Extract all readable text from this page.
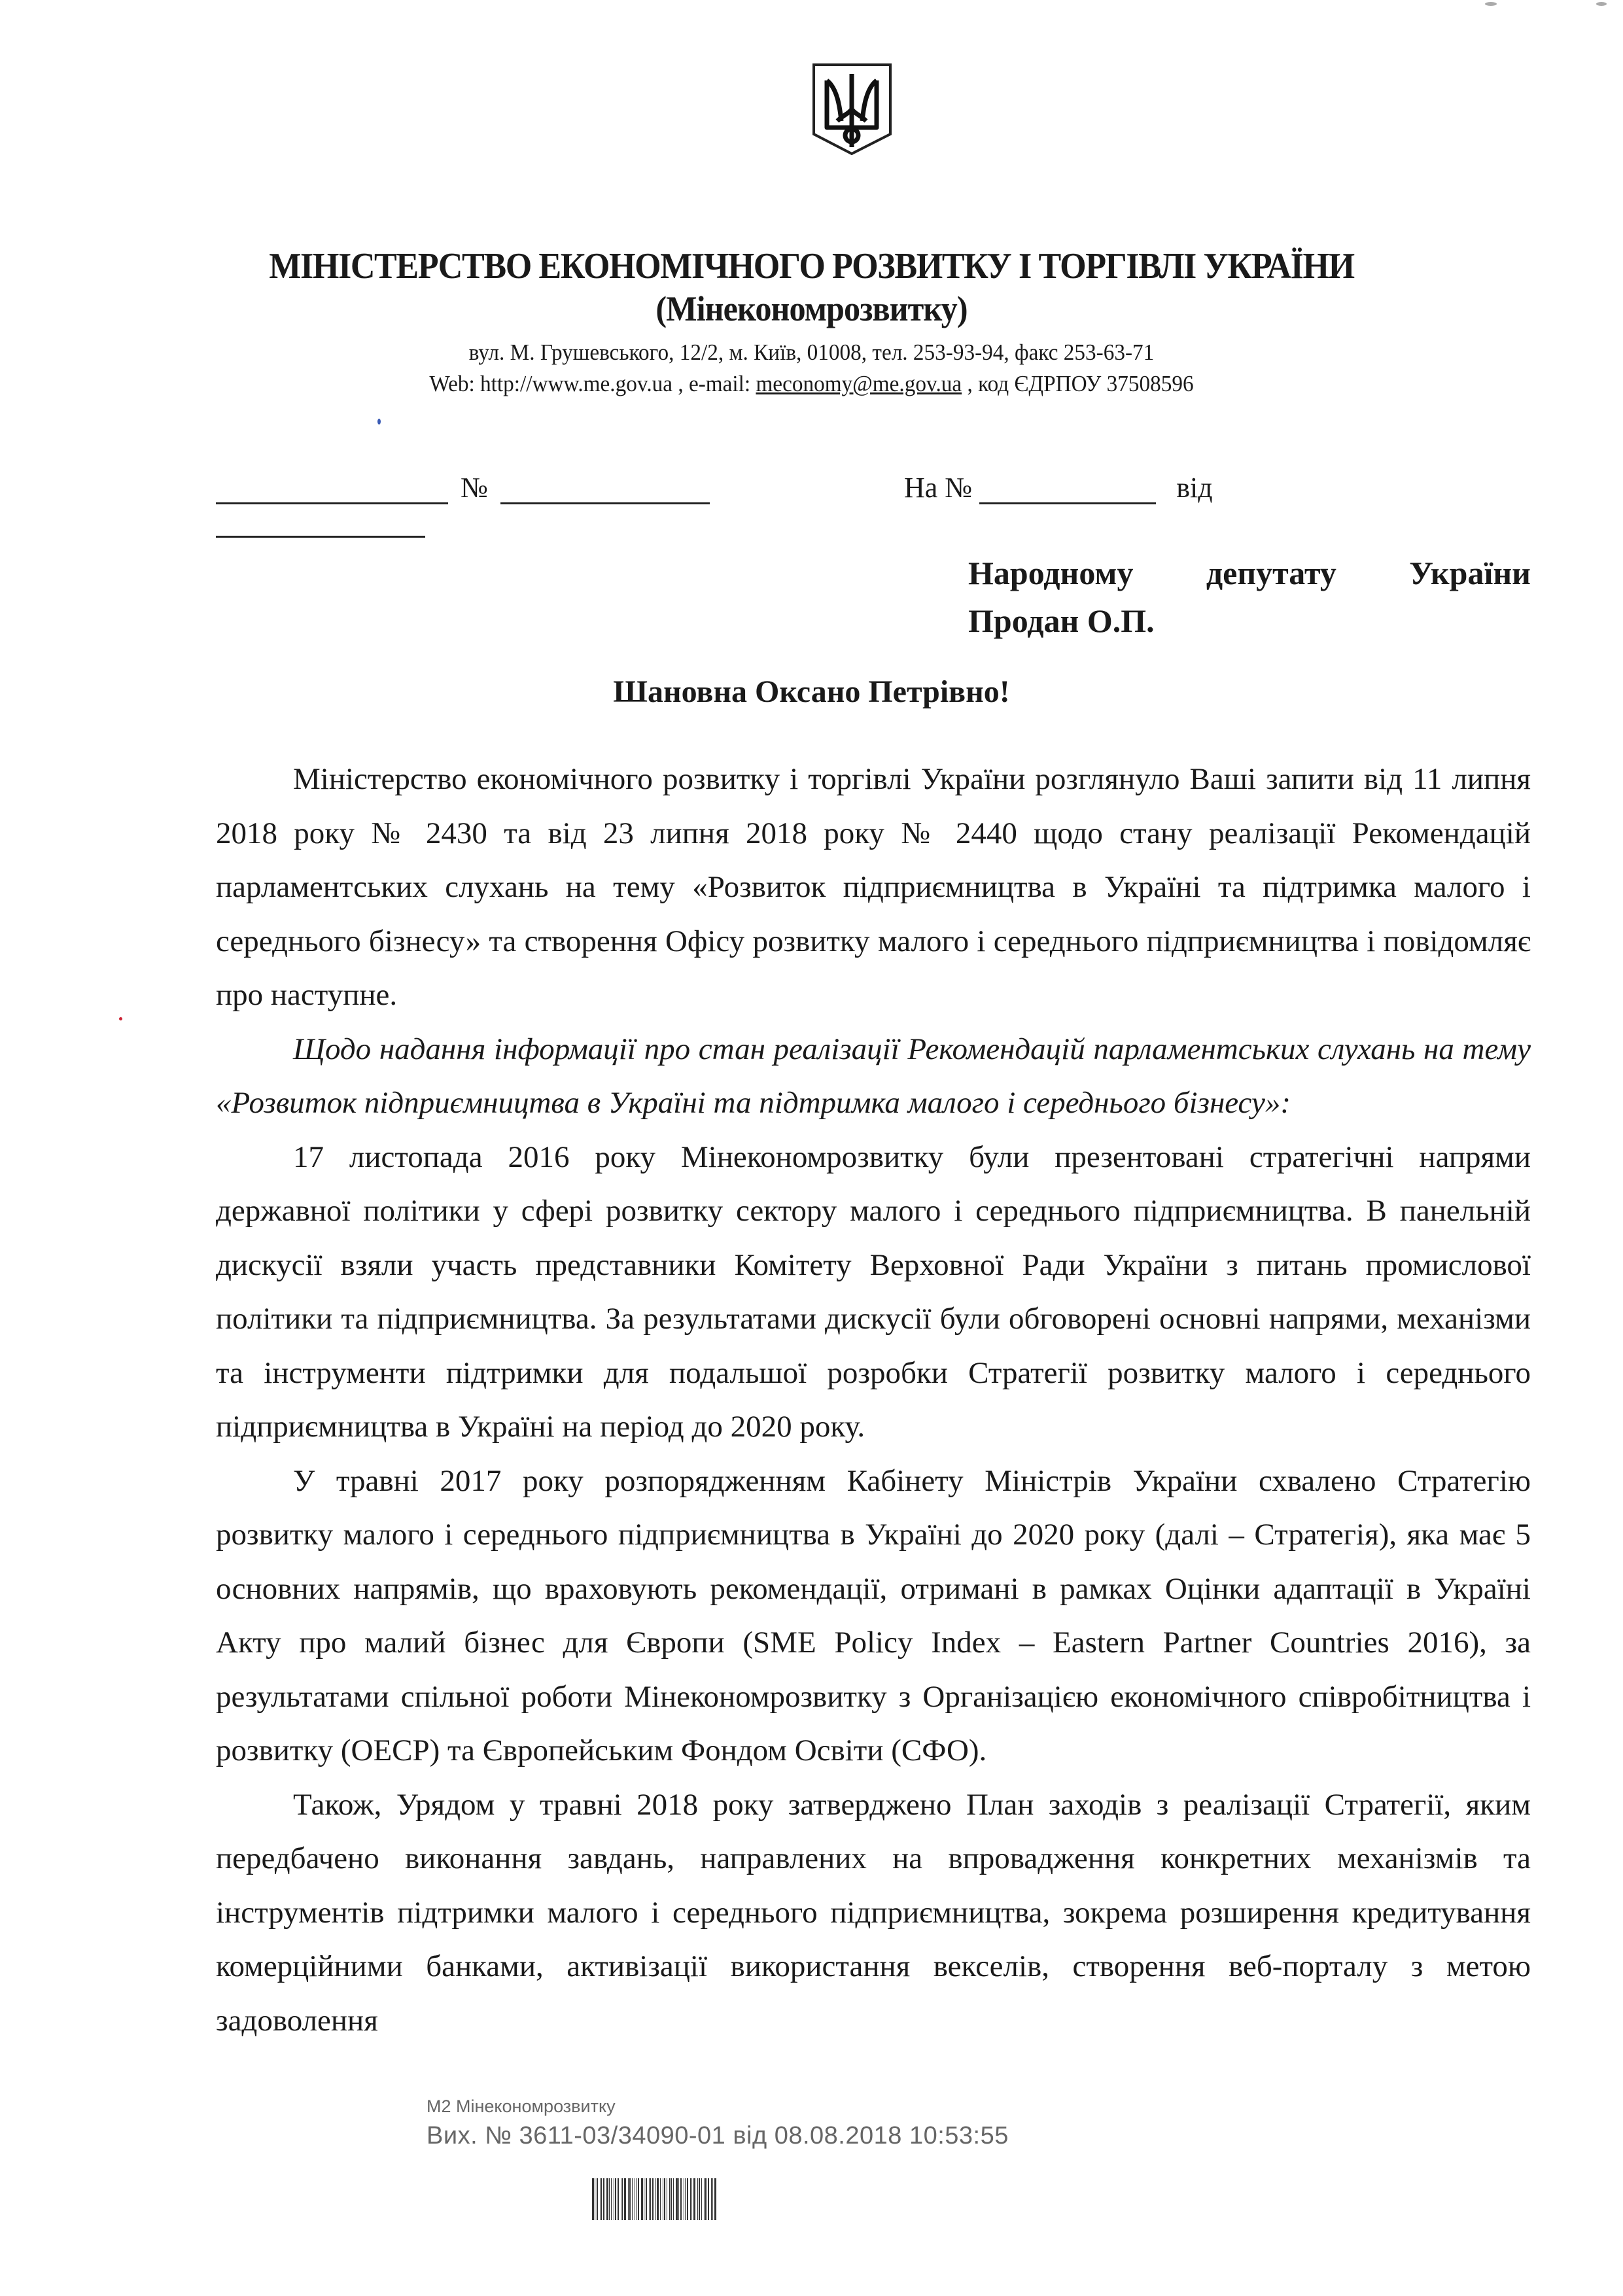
МІНІСТЕРСТВО ЕКОНОМІЧНОГО РОЗВИТКУ І ТОРГІВЛІ УКРАЇНИ
(Мінекономрозвитку)
вул. М. Грушевського, 12/2, м. Київ, 01008, тел. 253-93-94, факс 253-63-71
Web: http://www.me.gov.ua , e-mail: meconomy@me.gov.ua , код ЄДРПОУ 37508596
№	На №	від
Народному депутату України
Продан О.П.
Шановна Оксано Петрівно!

Міністерство економічного розвитку і торгівлі України розглянуло Ваші запити від 11 липня 2018 року № 2430 та від 23 липня 2018 року № 2440 щодо стану реалізації Рекомендацій парламентських слухань на тему «Розвиток підприємництва в Україні та підтримка малого і середнього бізнесу» та створення Офісу розвитку малого і середнього підприємництва і повідомляє про наступне.

Щодо надання інформації про стан реалізації Рекомендацій парламентських слухань на тему «Розвиток підприємництва в Україні та підтримка малого і середнього бізнесу»:

17 листопада 2016 року Мінекономрозвитку були презентовані стратегічні напрями державної політики у сфері розвитку сектору малого і середнього підприємництва. В панельній дискусії взяли участь представники Комітету Верховної Ради України з питань промислової політики та підприємництва. За результатами дискусії були обговорені основні напрями, механізми та інструменти підтримки для подальшої розробки Стратегії розвитку малого і середнього підприємництва в Україні на період до 2020 року.

У травні 2017 року розпорядженням Кабінету Міністрів України схвалено Стратегію розвитку малого і середнього підприємництва в Україні до 2020 року (далі – Стратегія), яка має 5 основних напрямів, що враховують рекомендації, отримані в рамках Оцінки адаптації в Україні Акту про малий бізнес для Європи (SME Policy Index – Eastern Partner Countries 2016), за результатами спільної роботи Мінекономрозвитку з Організацією економічного співробітництва і розвитку (ОЕСР) та Європейським Фондом Освіти (СФО).

Також, Урядом у травні 2018 року затверджено План заходів з реалізації Стратегії, яким передбачено виконання завдань, направлених на впровадження конкретних механізмів та інструментів підтримки малого і середнього підприємництва, зокрема розширення кредитування комерційними банками, активізації використання векселів, створення веб-порталу з метою задоволення

М2 Мінекономрозвитку
Вих. № 3611-03/34090-01 від 08.08.2018 10:53:55
